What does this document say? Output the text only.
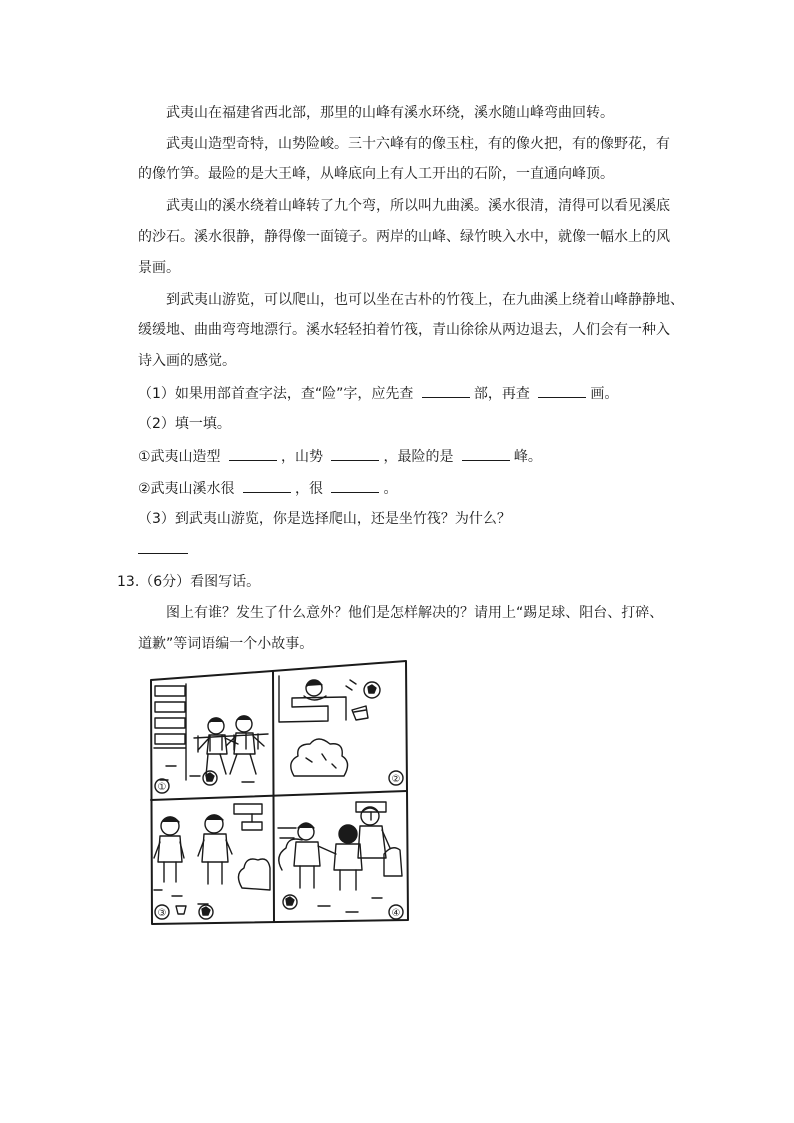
武夷山在福建省西北部，那里的山峰有溪水环绕，溪水随山峰弯曲回转。
武夷山造型奇特，山势险峻。三十六峰有的像玉柱，有的像火把，有的像野花，有
的像竹笋。最险的是大王峰，从峰底向上有人工开出的石阶，一直通向峰顶。
武夷山的溪水绕着山峰转了九个弯，所以叫九曲溪。溪水很清，清得可以看见溪底
的沙石。溪水很静，静得像一面镜子。两岸的山峰、绿竹映入水中，就像一幅水上的风
景画。
到武夷山游览，可以爬山，也可以坐在古朴的竹筏上，在九曲溪上绕着山峰静静地、
缓缓地、曲曲弯弯地漂行。溪水轻轻拍着竹筏，青山徐徐从两边退去，人们会有一种入
诗入画的感觉。
（1）如果用部首查字法，查“险”字，应先查	部，再查	画。
（2）填一填。
①武夷山造型	，山势	，最险的是	峰。
②武夷山溪水很	，很	。
（3）到武夷山游览，你是选择爬山，还是坐竹筏？为什么？
13.（6分）看图写话。
图上有谁？发生了什么意外？他们是怎样解决的？请用上“踢足球、阳台、打碎、
道歉”等词语编一个小故事。
①
②
③	④
